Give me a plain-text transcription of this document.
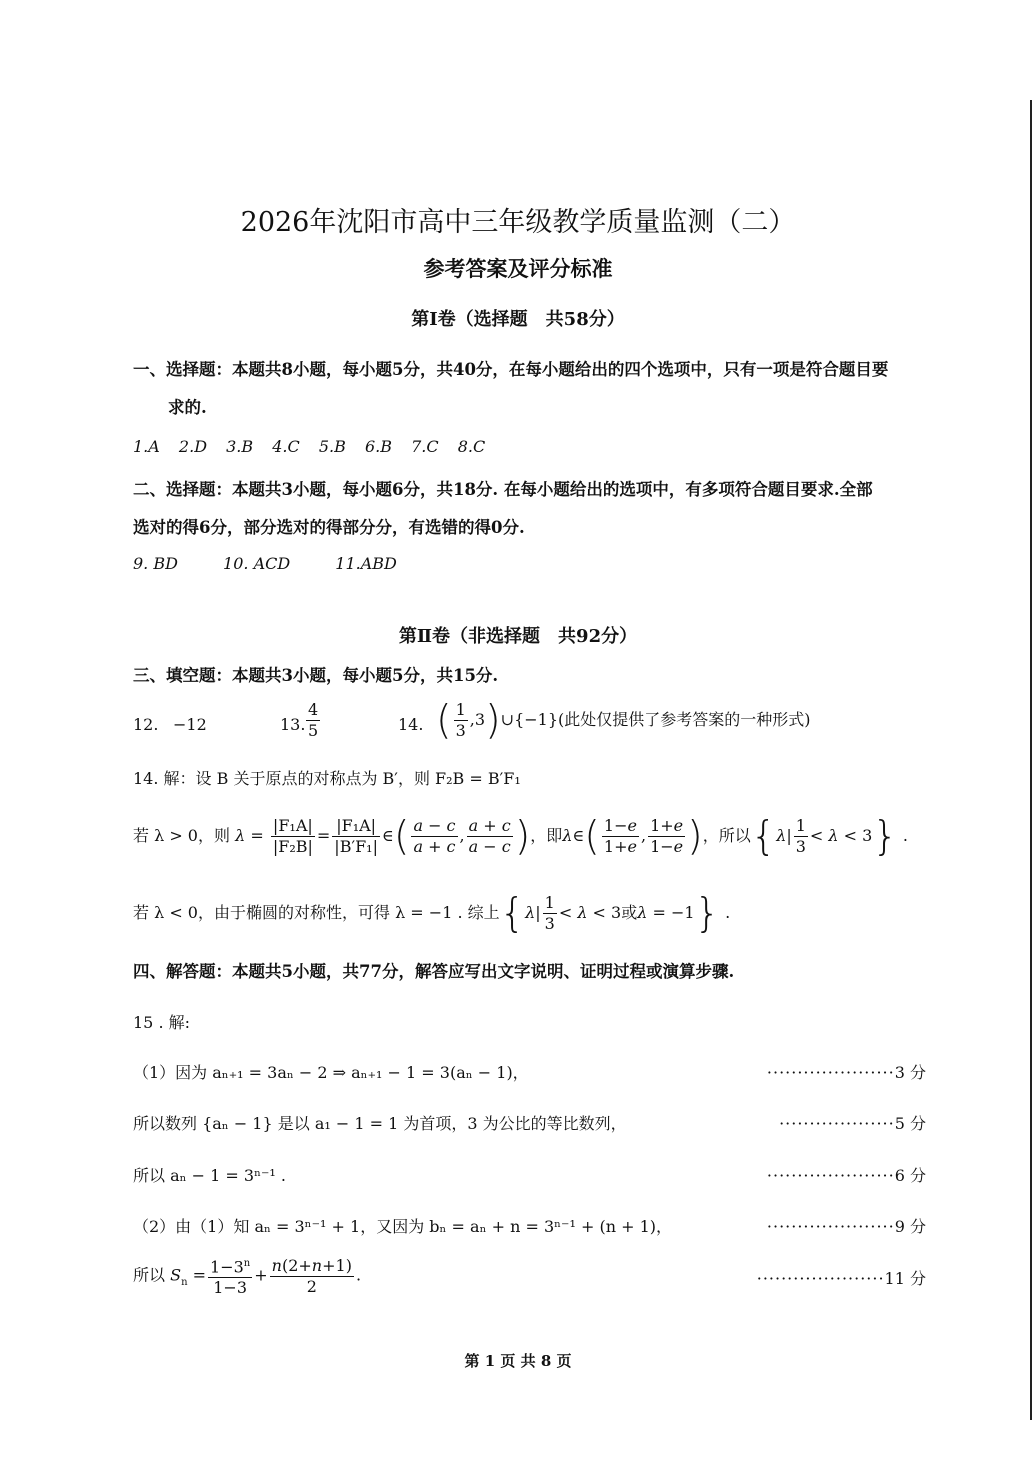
2026年沈阳市高中三年级教学质量监测（二）
参考答案及评分标准
第Ⅰ卷（选择题　共58分）
一、选择题：本题共8小题，每小题5分，共40分，在每小题给出的四个选项中，只有一项是符合题目要
求的.
1.A 2.D 3.B 4.C 5.B 6.B 7.C 8.C
二、选择题：本题共3小题，每小题6分，共18分. 在每小题给出的选项中，有多项符合题目要求.全部
选对的得6分，部分选对的得部分分，有选错的得0分.
9. BD	10. ACD	11.ABD
第Ⅱ卷（非选择题　共92分）
三、填空题：本题共3小题，每小题5分，共15分.
12. −12	13. $\frac{4}{5}$	14. ( $\frac{1}{3}$ ,3)∪{−1}(此处仅提供了参考答案的一种形式)
14. 解：设 B 关于原点的对称点为 B′，则 F₂B = B′F₁
若 λ > 0，则 $\lambda = \frac{\text{|F₁A|}}{\text{|F₂B|}} = \frac{\text{|F₁A|}}{\text{|B′F₁|}}$ ∈( $\frac{a - c}{a + c}$ , $\frac{a + c}{a - c}$ )，即λ∈( $\frac{1-e}{1+e}$ , $\frac{1+e}{1-e}$ )，所以$\{\lambda| \frac{1}{3} < \lambda < 3\}$ .
若 λ < 0，由于椭圆的对称性，可得 λ = −1 . 综上{$\lambda| \frac{1}{3} < \lambda < 3$或λ = −1} .
四、解答题：本题共5小题，共77分，解答应写出文字说明、证明过程或演算步骤.
15 . 解:
（1）因为 aₙ₊₁ = 3aₙ − 2 ⇒ aₙ₊₁ − 1 = 3(aₙ − 1)，	·····················3 分
所以数列 {aₙ − 1} 是以 a₁ − 1 = 1 为首项，3 为公比的等比数列，	···················5 分
所以 aₙ − 1 = 3ⁿ⁻¹ .	·····················6 分
（2）由（1）知 aₙ = 3ⁿ⁻¹ + 1，又因为 bₙ = aₙ + n = 3ⁿ⁻¹ + (n + 1)，	·····················9 分
所以 $S_n = \frac{1-3^n}{1-3} + \frac{n(2+n+1)}{2}$ .	·····················11 分
第 1 页 共 8 页
